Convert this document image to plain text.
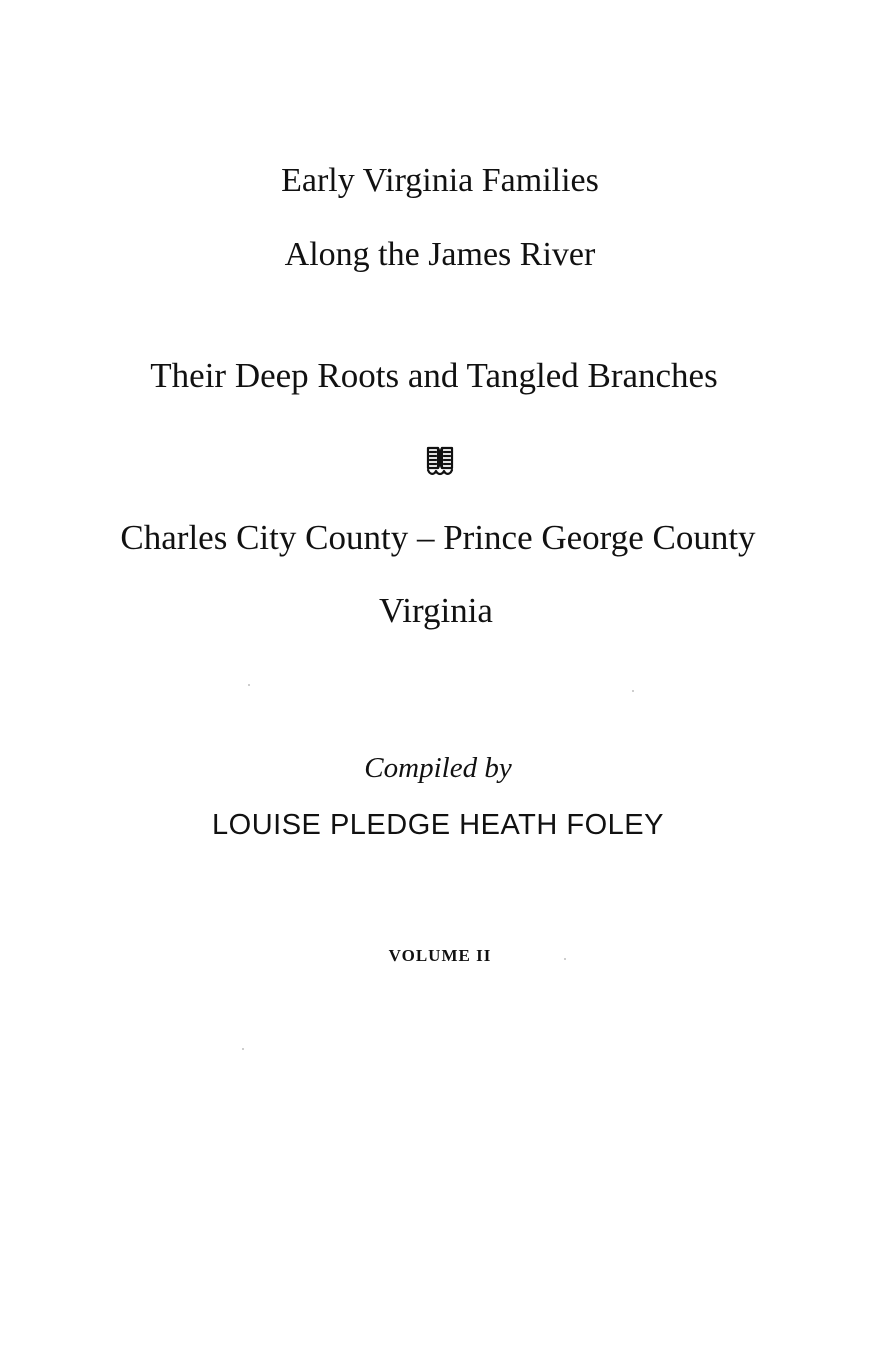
Early Virginia Families
Along the James River
Their Deep Roots and Tangled Branches
Charles City County – Prince George County
Virginia
Compiled by
LOUISE PLEDGE HEATH FOLEY
VOLUME II
